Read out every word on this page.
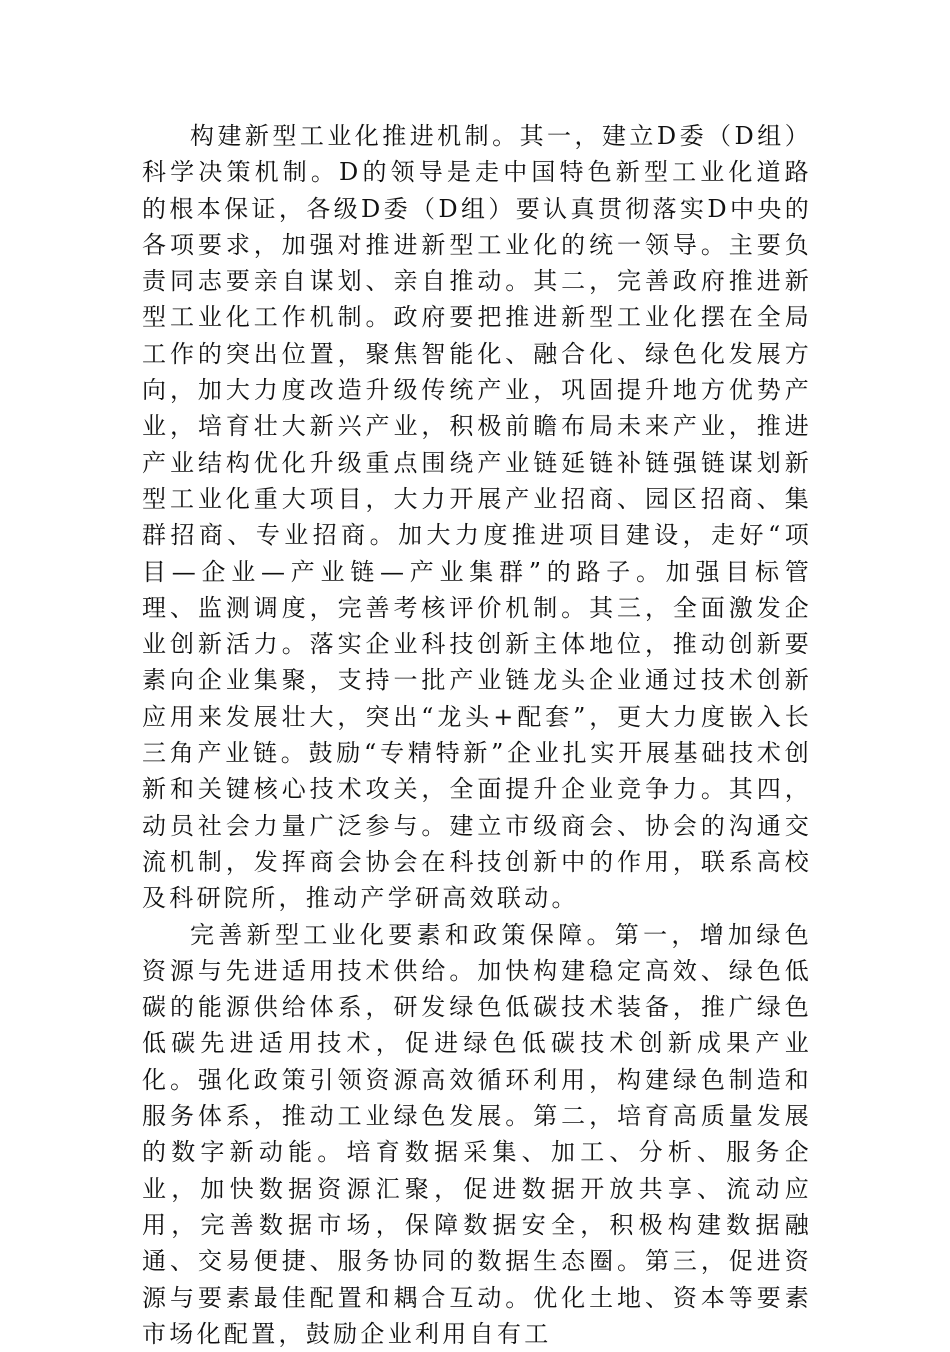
构建新型工业化推进机制。其一，建立D委（D组）科学决策机制。D的领导是走中国特色新型工业化道路的根本保证，各级D委（D组）要认真贯彻落实D中央的各项要求，加强对推进新型工业化的统一领导。主要负责同志要亲自谋划、亲自推动。其二，完善政府推进新型工业化工作机制。政府要把推进新型工业化摆在全局工作的突出位置，聚焦智能化、融合化、绿色化发展方向，加大力度改造升级传统产业，巩固提升地方优势产业，培育壮大新兴产业，积极前瞻布局未来产业，推进产业结构优化升级重点围绕产业链延链补链强链谋划新型工业化重大项目，大力开展产业招商、园区招商、集群招商、专业招商。加大力度推进项目建设，走好“项目—企业—产业链—产业集群”的路子。加强目标管理、监测调度，完善考核评价机制。其三，全面激发企业创新活力。落实企业科技创新主体地位，推动创新要素向企业集聚，支持一批产业链龙头企业通过技术创新应用来发展壮大，突出“龙头+配套”，更大力度嵌入长三角产业链。鼓励“专精特新”企业扎实开展基础技术创新和关键核心技术攻关，全面提升企业竞争力。其四，动员社会力量广泛参与。建立市级商会、协会的沟通交流机制，发挥商会协会在科技创新中的作用，联系高校及科研院所，推动产学研高效联动。

完善新型工业化要素和政策保障。第一，增加绿色资源与先进适用技术供给。加快构建稳定高效、绿色低碳的能源供给体系，研发绿色低碳技术装备，推广绿色低碳先进适用技术，促进绿色低碳技术创新成果产业化。强化政策引领资源高效循环利用，构建绿色制造和服务体系，推动工业绿色发展。第二，培育高质量发展的数字新动能。培育数据采集、加工、分析、服务企业，加快数据资源汇聚，促进数据开放共享、流动应用，完善数据市场，保障数据安全，积极构建数据融通、交易便捷、服务协同的数据生态圈。第三，促进资源与要素最佳配置和耦合互动。优化土地、资本等要素市场化配置，鼓励企业利用自有工
